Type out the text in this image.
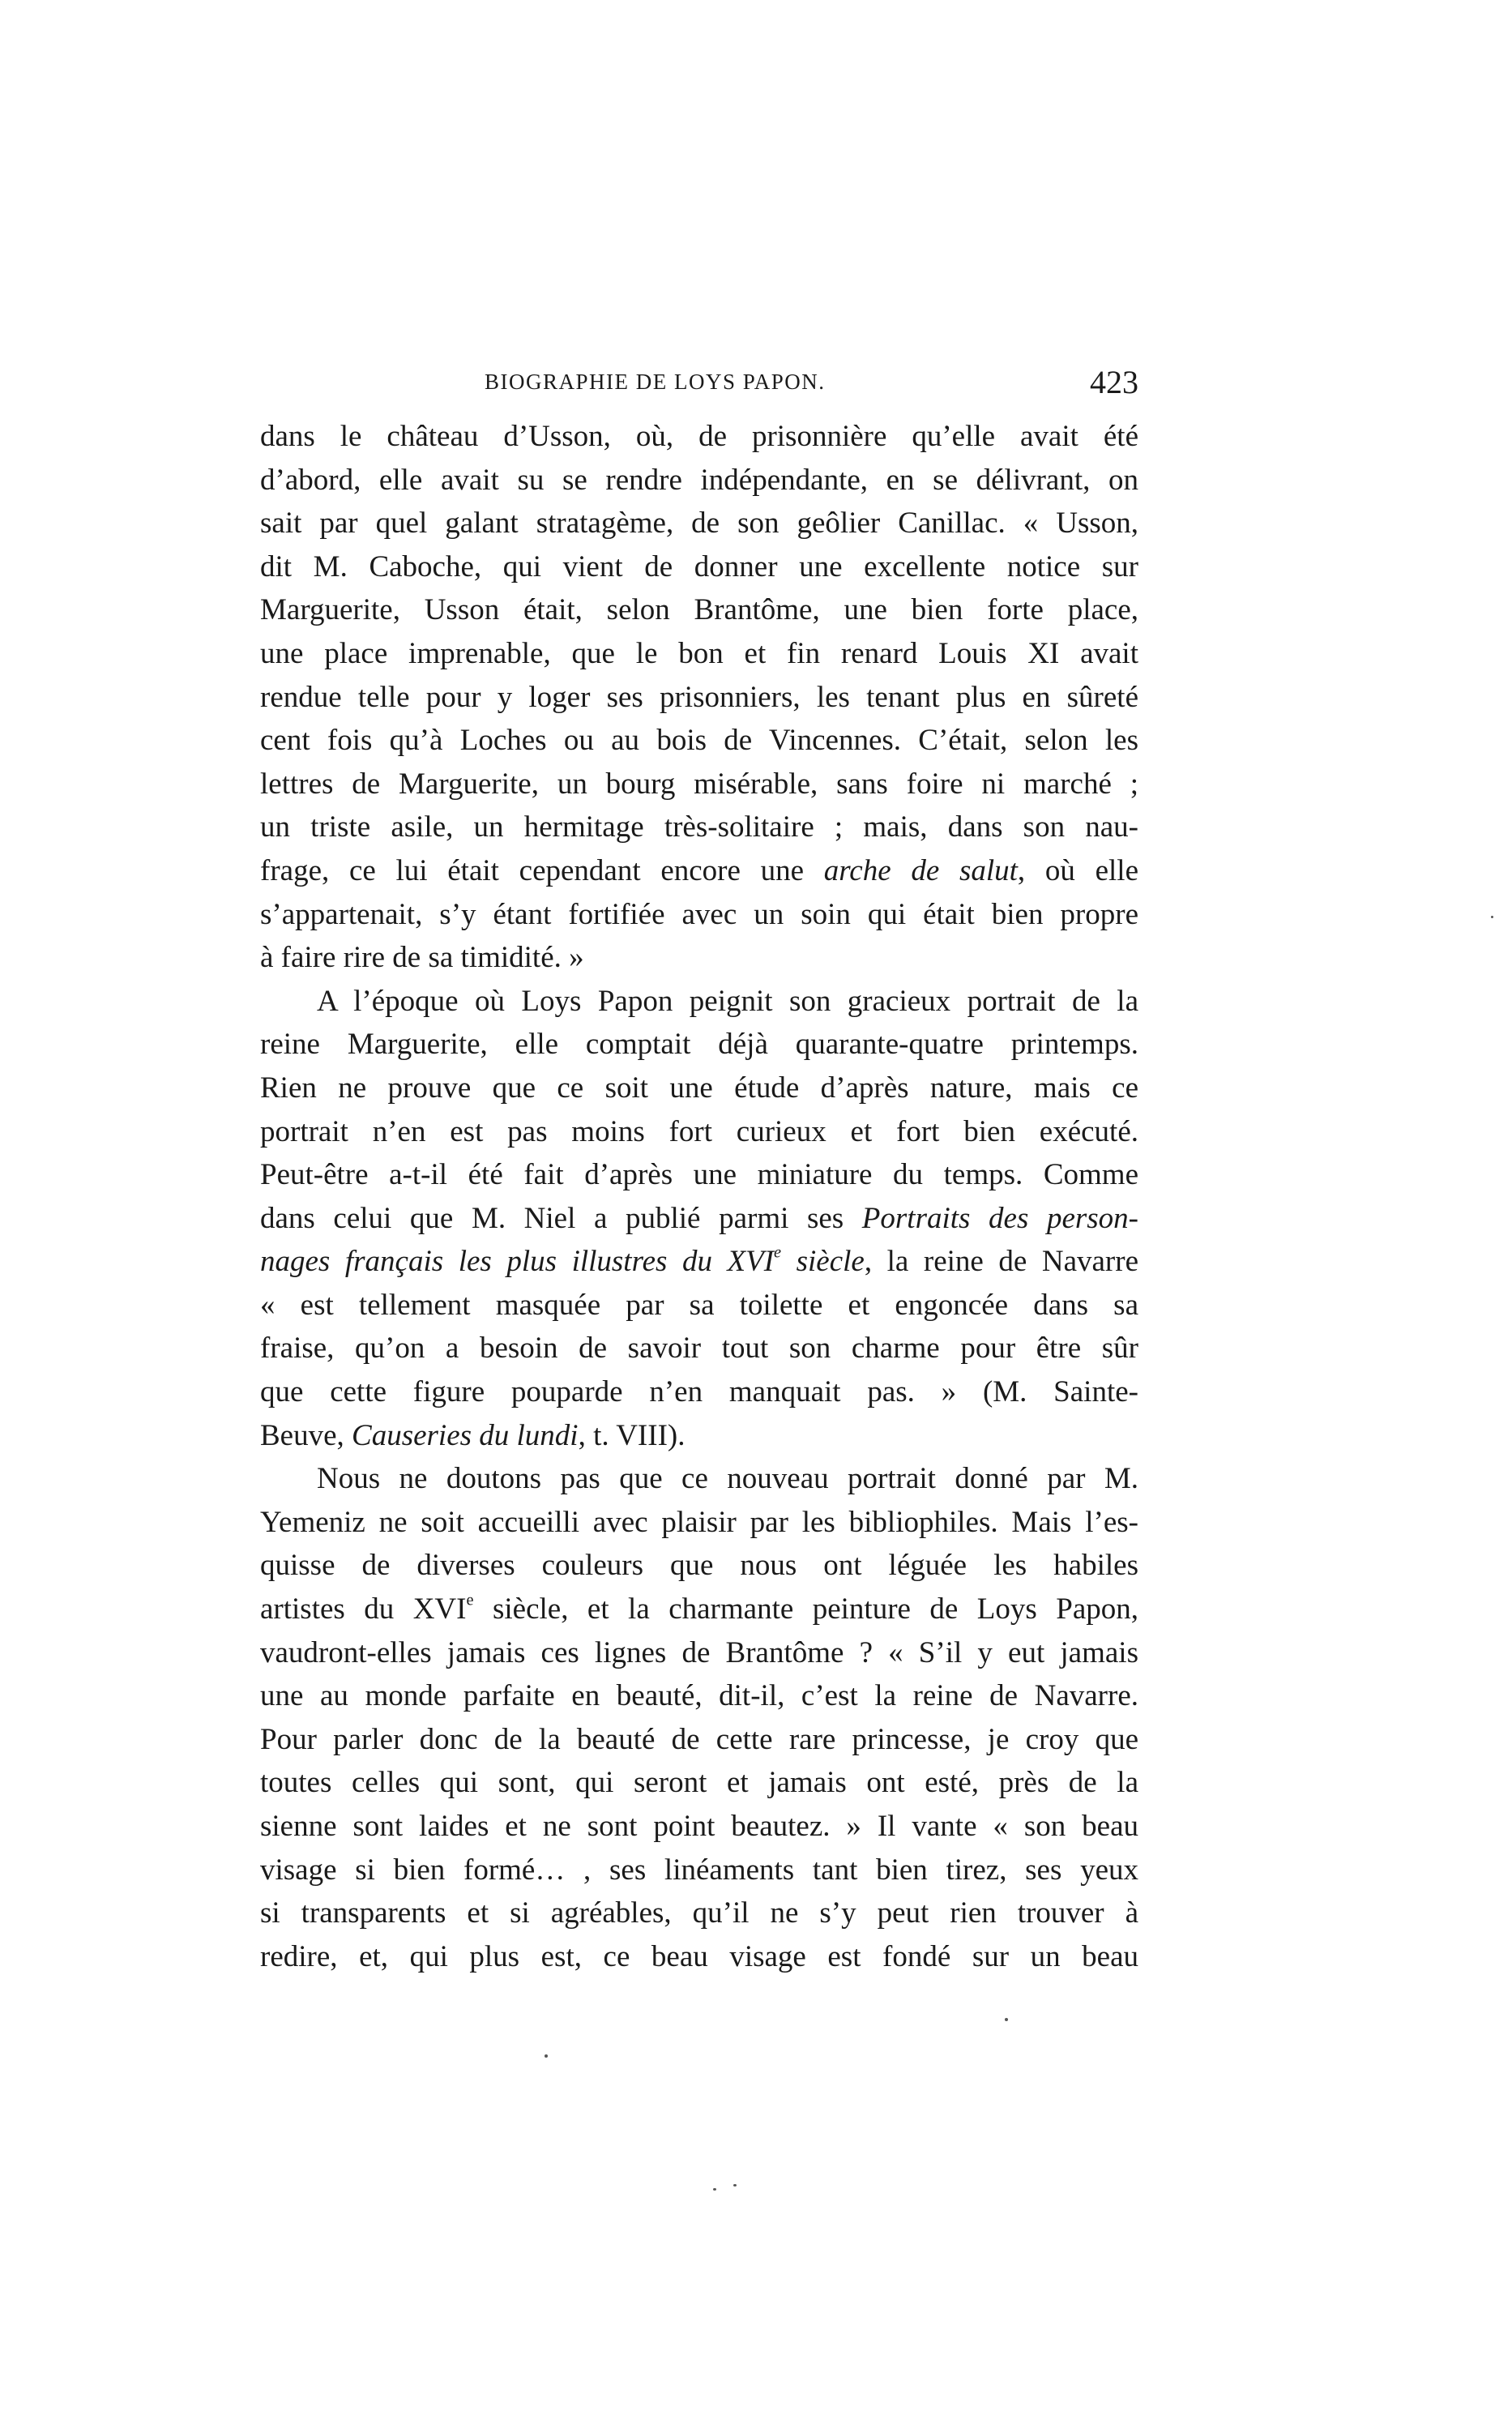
BIOGRAPHIE DE LOYS PAPON.	423
dans le château d’Usson, où, de prisonnière qu’elle avait été
d’abord, elle avait su se rendre indépendante, en se délivrant, on
sait par quel galant stratagème, de son geôlier Canillac. « Usson,
dit M. Caboche, qui vient de donner une excellente notice sur
Marguerite, Usson était, selon Brantôme, une bien forte place,
une place imprenable, que le bon et fin renard Louis XI avait
rendue telle pour y loger ses prisonniers, les tenant plus en sûreté
cent fois qu’à Loches ou au bois de Vincennes. C’était, selon les
lettres de Marguerite, un bourg misérable, sans foire ni marché ;
un triste asile, un hermitage très-solitaire ; mais, dans son nau-
frage, ce lui était cependant encore une arche de salut, où elle
s’appartenait, s’y étant fortifiée avec un soin qui était bien propre
à faire rire de sa timidité. »
A l’époque où Loys Papon peignit son gracieux portrait de la
reine Marguerite, elle comptait déjà quarante-quatre printemps.
Rien ne prouve que ce soit une étude d’après nature, mais ce
portrait n’en est pas moins fort curieux et fort bien exécuté.
Peut-être a-t-il été fait d’après une miniature du temps. Comme
dans celui que M. Niel a publié parmi ses Portraits des person-
nages français les plus illustres du XVIe siècle, la reine de Navarre
« est tellement masquée par sa toilette et engoncée dans sa
fraise, qu’on a besoin de savoir tout son charme pour être sûr
que cette figure pouparde n’en manquait pas. » (M. Sainte-
Beuve, Causeries du lundi, t. VIII).
Nous ne doutons pas que ce nouveau portrait donné par M.
Yemeniz ne soit accueilli avec plaisir par les bibliophiles. Mais l’es-
quisse de diverses couleurs que nous ont léguée les habiles
artistes du XVIe siècle, et la charmante peinture de Loys Papon,
vaudront-elles jamais ces lignes de Brantôme ? « S’il y eut jamais
une au monde parfaite en beauté, dit-il, c’est la reine de Navarre.
Pour parler donc de la beauté de cette rare princesse, je croy que
toutes celles qui sont, qui seront et jamais ont esté, près de la
sienne sont laides et ne sont point beautez. » Il vante « son beau
visage si bien formé… , ses linéaments tant bien tirez, ses yeux
si transparents et si agréables, qu’il ne s’y peut rien trouver à
redire, et, qui plus est, ce beau visage est fondé sur un beau
